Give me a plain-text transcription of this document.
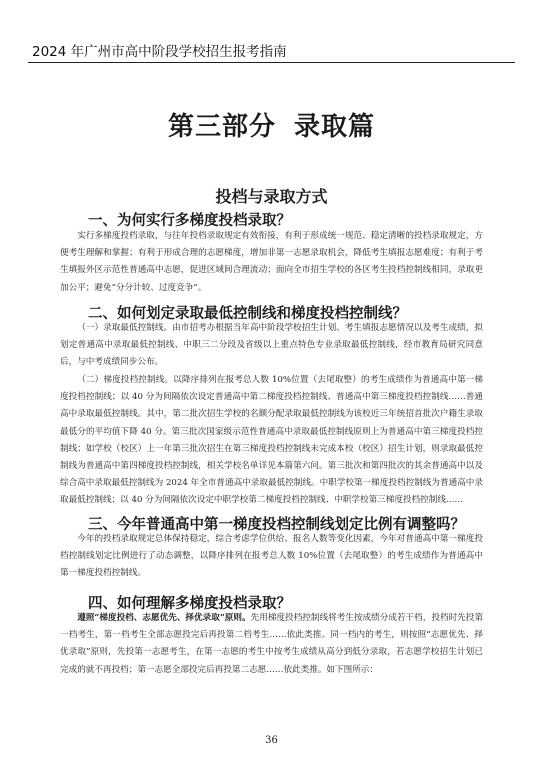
2024 年广州市高中阶段学校招生报考指南
第三部分 录取篇
投档与录取方式
一、为何实行多梯度投档录取？

实行多梯度投档录取，与往年投档录取规定有效衔接，有利于形成统一规范、稳定清晰的投档录取规定，方便考生理解和掌握；有利于形成合理的志愿梯度，增加非第一志愿录取机会，降低考生填报志愿难度；有利于考生填报外区示范性普通高中志愿，促进区域间合理流动；面向全市招生学校的各区考生投档控制线相同，录取更加公平；避免“分分计较、过度竞争”。

二、如何划定录取最低控制线和梯度投档控制线？

（一）录取最低控制线。由市招考办根据当年高中阶段学校招生计划、考生填报志愿情况以及考生成绩，拟划定普通高中录取最低控制线、中职三二分段及省级以上重点特色专业录取最低控制线，经市教育局研究同意后，与中考成绩同步公布。

（二）梯度投档控制线。以降序排列在报考总人数 10%位置（去尾取整）的考生成绩作为普通高中第一梯度投档控制线；以 40 分为间隔依次设定普通高中第二梯度投档控制线、普通高中第三梯度投档控制线……普通高中录取最低控制线。其中，第二批次招生学校的名额分配录取最低控制线为该校近三年统招首批次户籍生录取最低分的平均值下降 40 分。第三批次国家级示范性普通高中录取最低控制线原则上为普通高中第三梯度投档控制线；如学校（校区）上一年第三批次招生在第三梯度投档控制线未完成本校（校区）招生计划，则录取最低控制线为普通高中第四梯度投档控制线，相关学校名单详见本篇第六问。第三批次和第四批次的其余普通高中以及综合高中录取最低控制线为 2024 年全市普通高中录取最低控制线。中职学校第一梯度投档控制线为普通高中录取最低控制线；以 40 分为间隔依次设定中职学校第二梯度投档控制线、中职学校第三梯度投档控制线……

三、今年普通高中第一梯度投档控制线划定比例有调整吗？

今年的投档录取规定总体保持稳定，综合考虑学位供给、报名人数等变化因素，今年对普通高中第一梯度投档控制线划定比例进行了动态调整，以降序排列在报考总人数 10%位置（去尾取整）的考生成绩作为普通高中第一梯度投档控制线。

四、如何理解多梯度投档录取？

遵照“梯度投档、志愿优先、择优录取”原则。先用梯度投档控制线将考生按成绩分成若干档，投档时先投第一档考生，第一档考生全部志愿投完后再投第二档考生……依此类推。同一档内的考生，则按照“志愿优先、择优录取”原则，先投第一志愿考生，在第一志愿的考生中按考生成绩从高分到低分录取，若志愿学校招生计划已完成的就不再投档；第一志愿全部投完后再投第二志愿……依此类推。如下图所示：

36
